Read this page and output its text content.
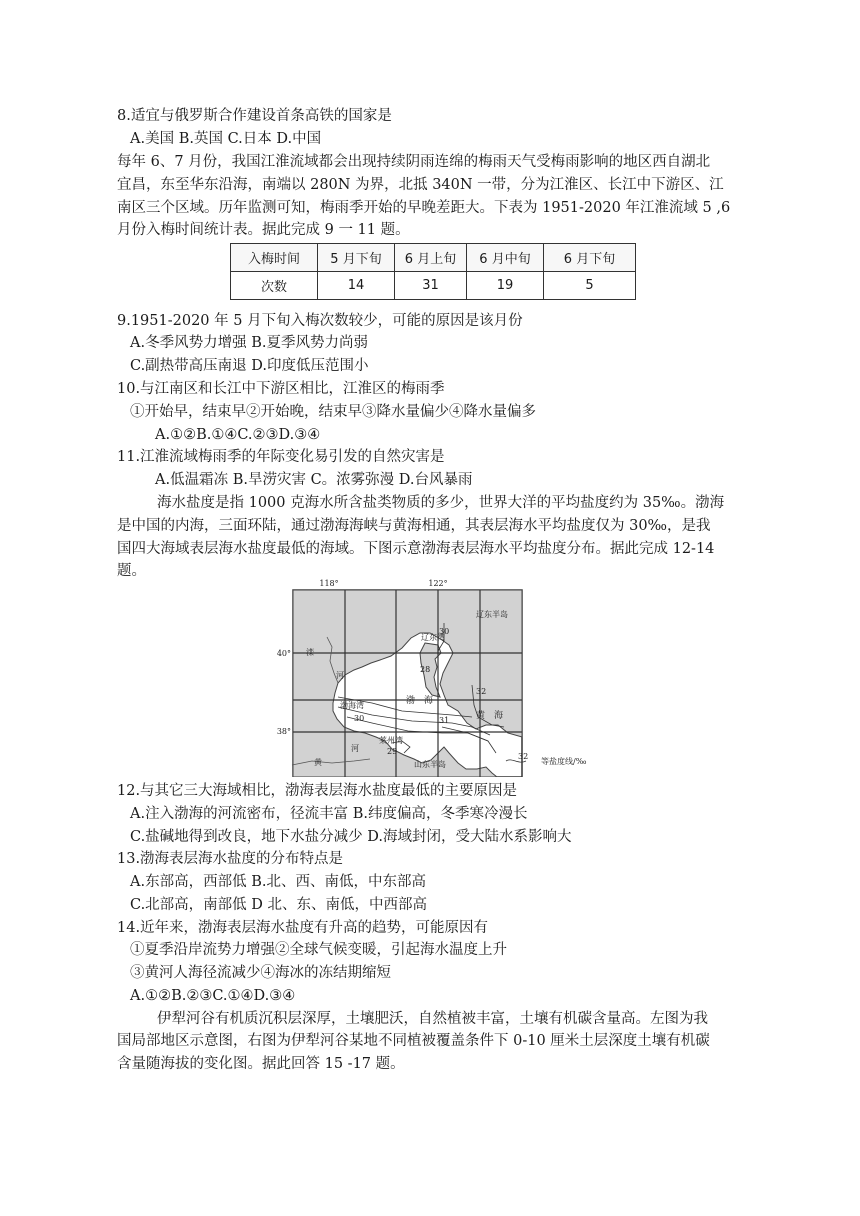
8.适宜与俄罗斯合作建设首条高铁的国家是
A.美国 B.英国 C.日本 D.中国
每年 6、7 月份，我国江淮流域都会出现持续阴雨连绵的梅雨天气受梅雨影响的地区西自湖北
宜昌，东至华东沿海，南端以 280N 为界，北抵 340N 一带，分为江淮区、长江中下游区、江
南区三个区域。历年监测可知，梅雨季开始的早晚差距大。下表为 1951-2020 年江淮流域 5 ,6
月份入梅时间统计表。据此完成 9 一 11 题。
入梅时间	5 月下旬	6 月上旬	6 月中旬	6 月下旬
次数	14	31	19	5
9.1951-2020 年 5 月下旬入梅次数较少，可能的原因是该月份
A.冬季风势力增强 B.夏季风势力尚弱
C.副热带高压南退 D.印度低压范围小
10.与江南区和长江中下游区相比，江淮区的梅雨季
①开始早，结束早②开始晚，结束早③降水量偏少④降水量偏多
A.①②B.①④C.②③D.③④
11.江淮流域梅雨季的年际变化易引发的自然灾害是
A.低温霜冻 B.旱涝灾害 C。浓雾弥漫 D.台风暴雨
海水盐度是指 1000 克海水所含盐类物质的多少，世界大洋的平均盐度约为 35‰。渤海
是中国的内海，三面环陆，通过渤海海峡与黄海相通，其表层海水平均盐度仅为 30‰，是我
国四大海域表层海水盐度最低的海域。下图示意渤海表层海水平均盐度分布。据此完成 12-14
题。
118°	122°
40°
38°
滦
河
河
黄
辽东湾
辽东半岛
渤海湾
莱州湾
渤　海
黄　海
山东半岛
30
30	31
32
29
28
32
等盐度线/‰
12.与其它三大海域相比，渤海表层海水盐度最低的主要原因是
A.注入渤海的河流密布，径流丰富 B.纬度偏高，冬季寒冷漫长
C.盐碱地得到改良，地下水盐分减少 D.海域封闭，受大陆水系影响大
13.渤海表层海水盐度的分布特点是
A.东部高，西部低 B.北、西、南低，中东部高
C.北部高，南部低 D 北、东、南低，中西部高
14.近年来，渤海表层海水盐度有升高的趋势，可能原因有
①夏季沿岸流势力增强②全球气候变暖，引起海水温度上升
③黄河人海径流减少④海冰的冻结期缩短
A.①②B.②③C.①④D.③④
伊犁河谷有机质沉积层深厚，土壤肥沃，自然植被丰富，土壤有机碳含量高。左图为我
国局部地区示意图，右图为伊犁河谷某地不同植被覆盖条件下 0-10 厘米土层深度土壤有机碳
含量随海拔的变化图。据此回答 15 -17 题。
